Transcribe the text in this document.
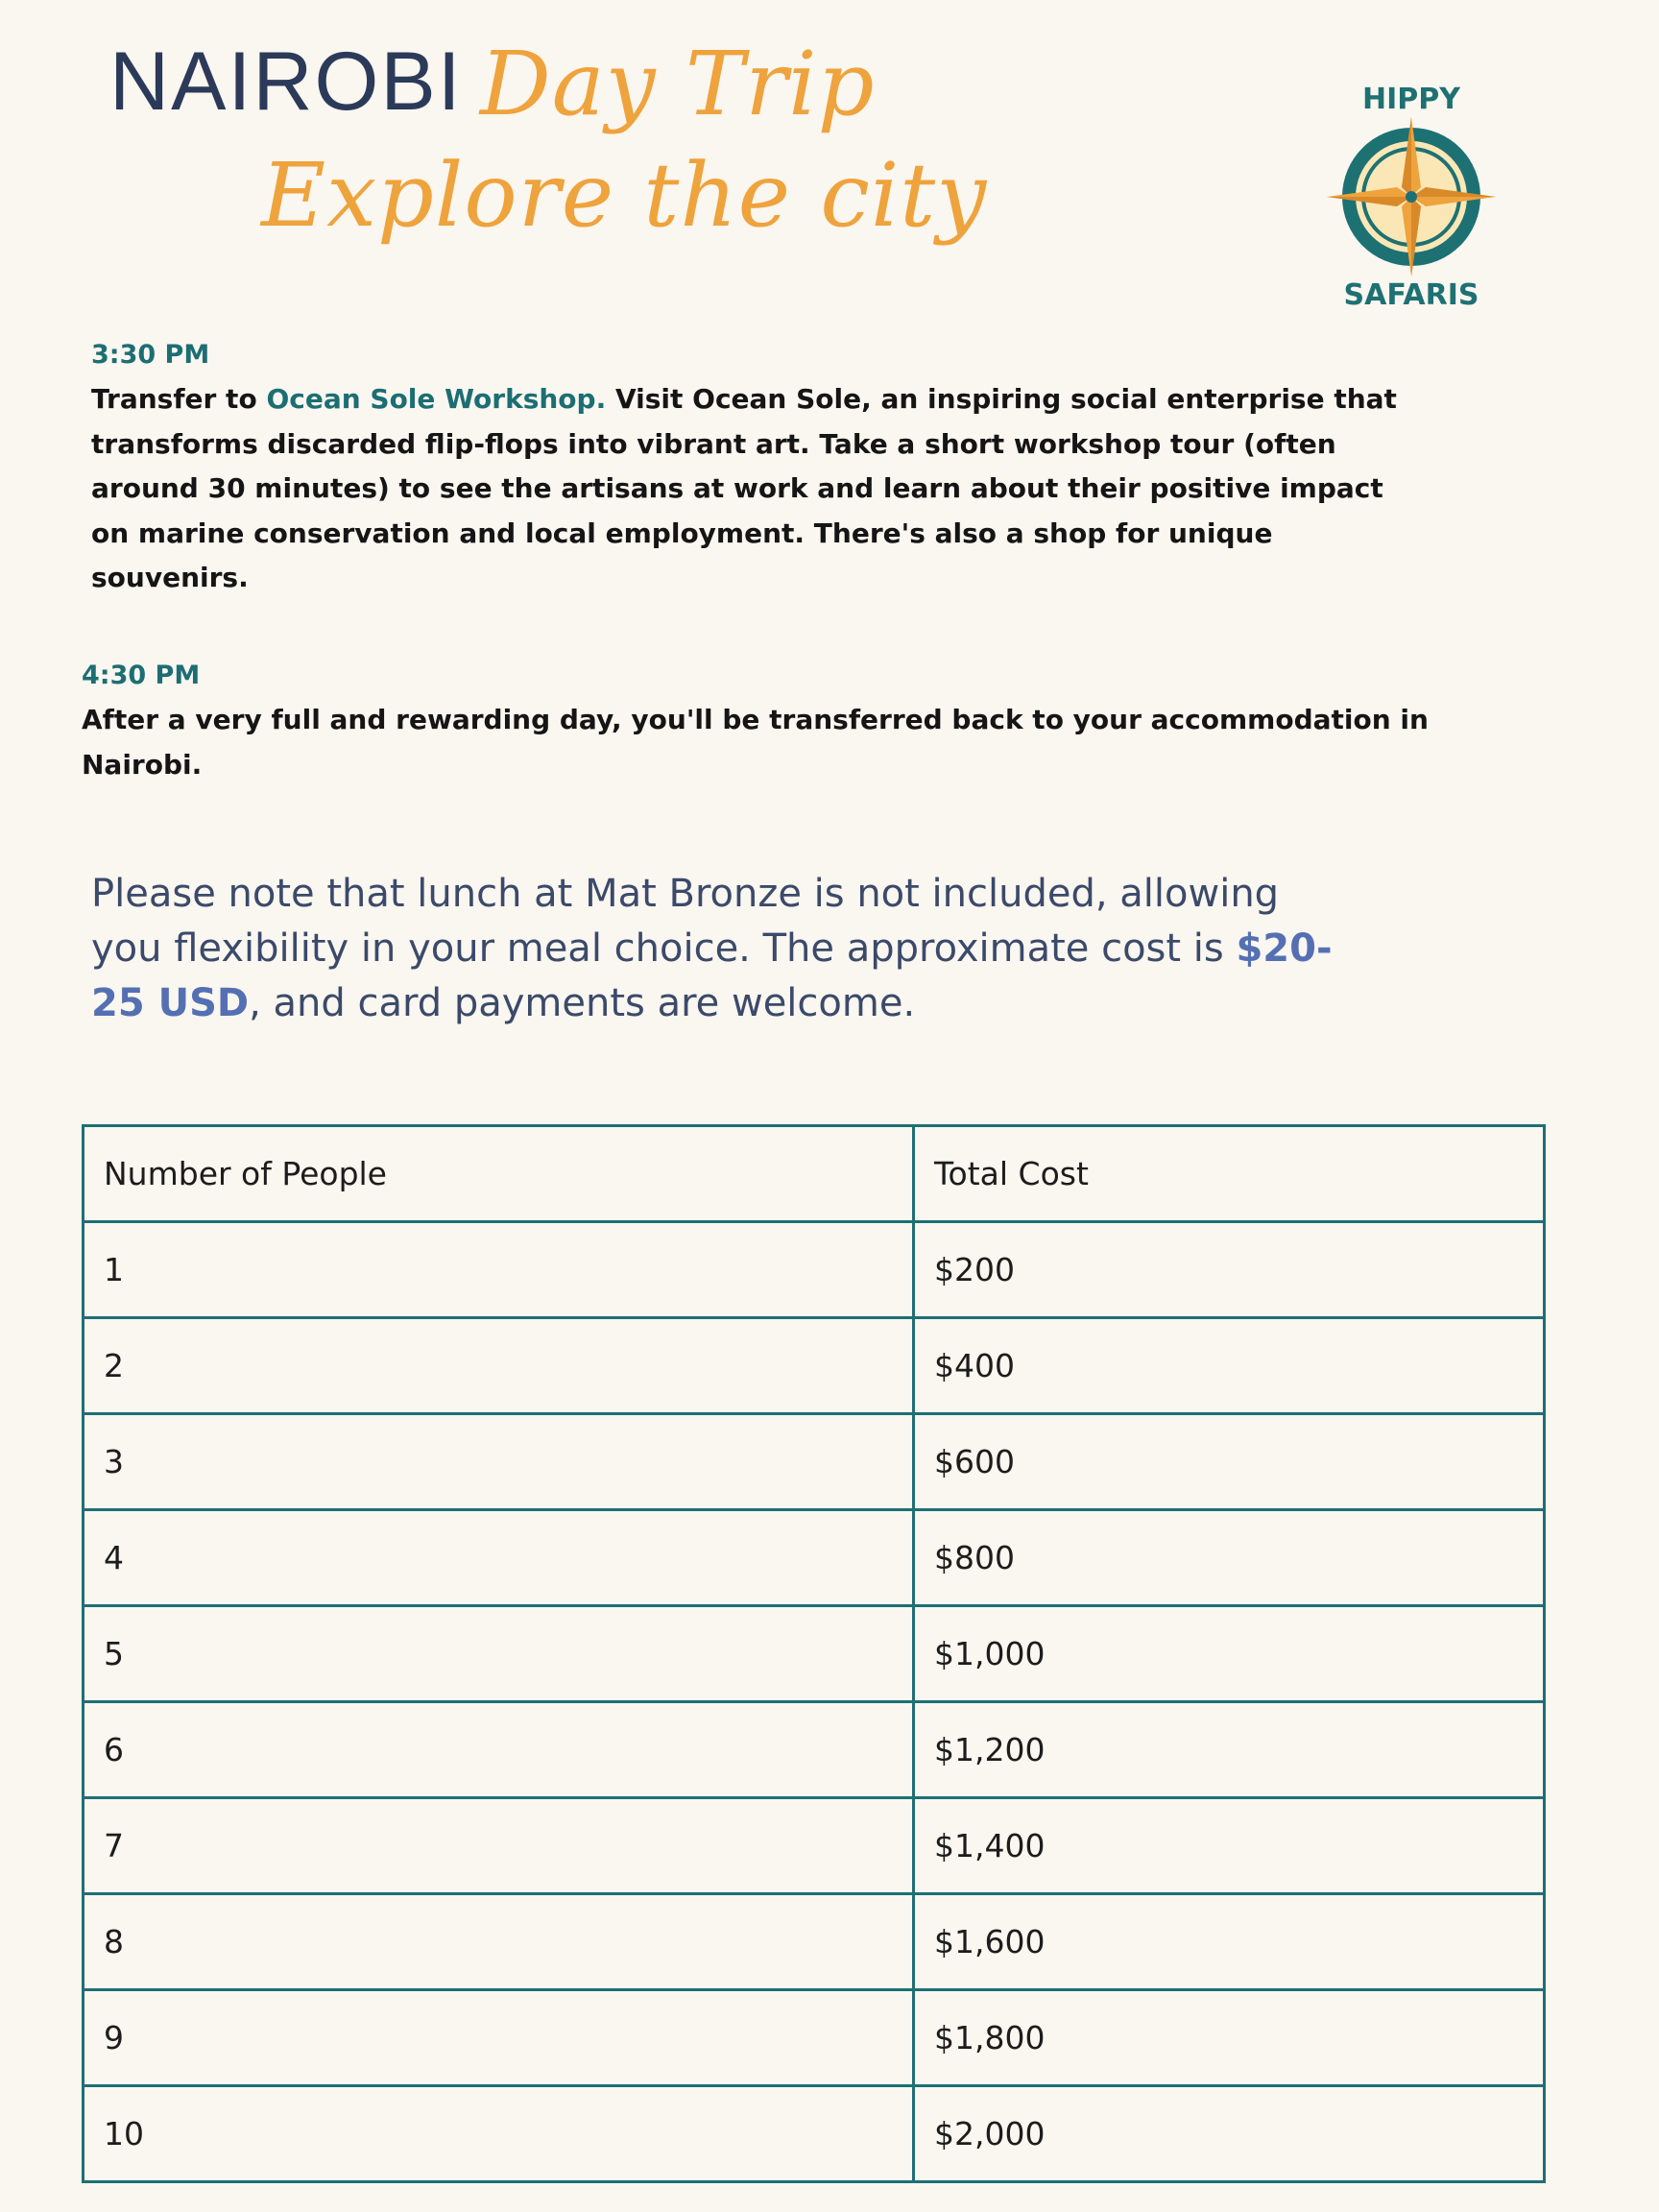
NAIROBI Day Trip
Explore the city
HIPPY
SAFARIS
3:30 PM

Transfer to Ocean Sole Workshop. Visit Ocean Sole, an inspiring social enterprise that transforms discarded flip-flops into vibrant art. Take a short workshop tour (often around 30 minutes) to see the artisans at work and learn about their positive impact on marine conservation and local employment. There's also a shop for unique souvenirs.

4:30 PM

After a very full and rewarding day, you'll be transferred back to your accommodation in Nairobi.

Please note that lunch at Mat Bronze is not included, allowing you flexibility in your meal choice. The approximate cost is $20-25 USD, and card payments are welcome.

Number of People	Total Cost
1	$200
2	$400
3	$600
4	$800
5	$1,000
6	$1,200
7	$1,400
8	$1,600
9	$1,800
10	$2,000
